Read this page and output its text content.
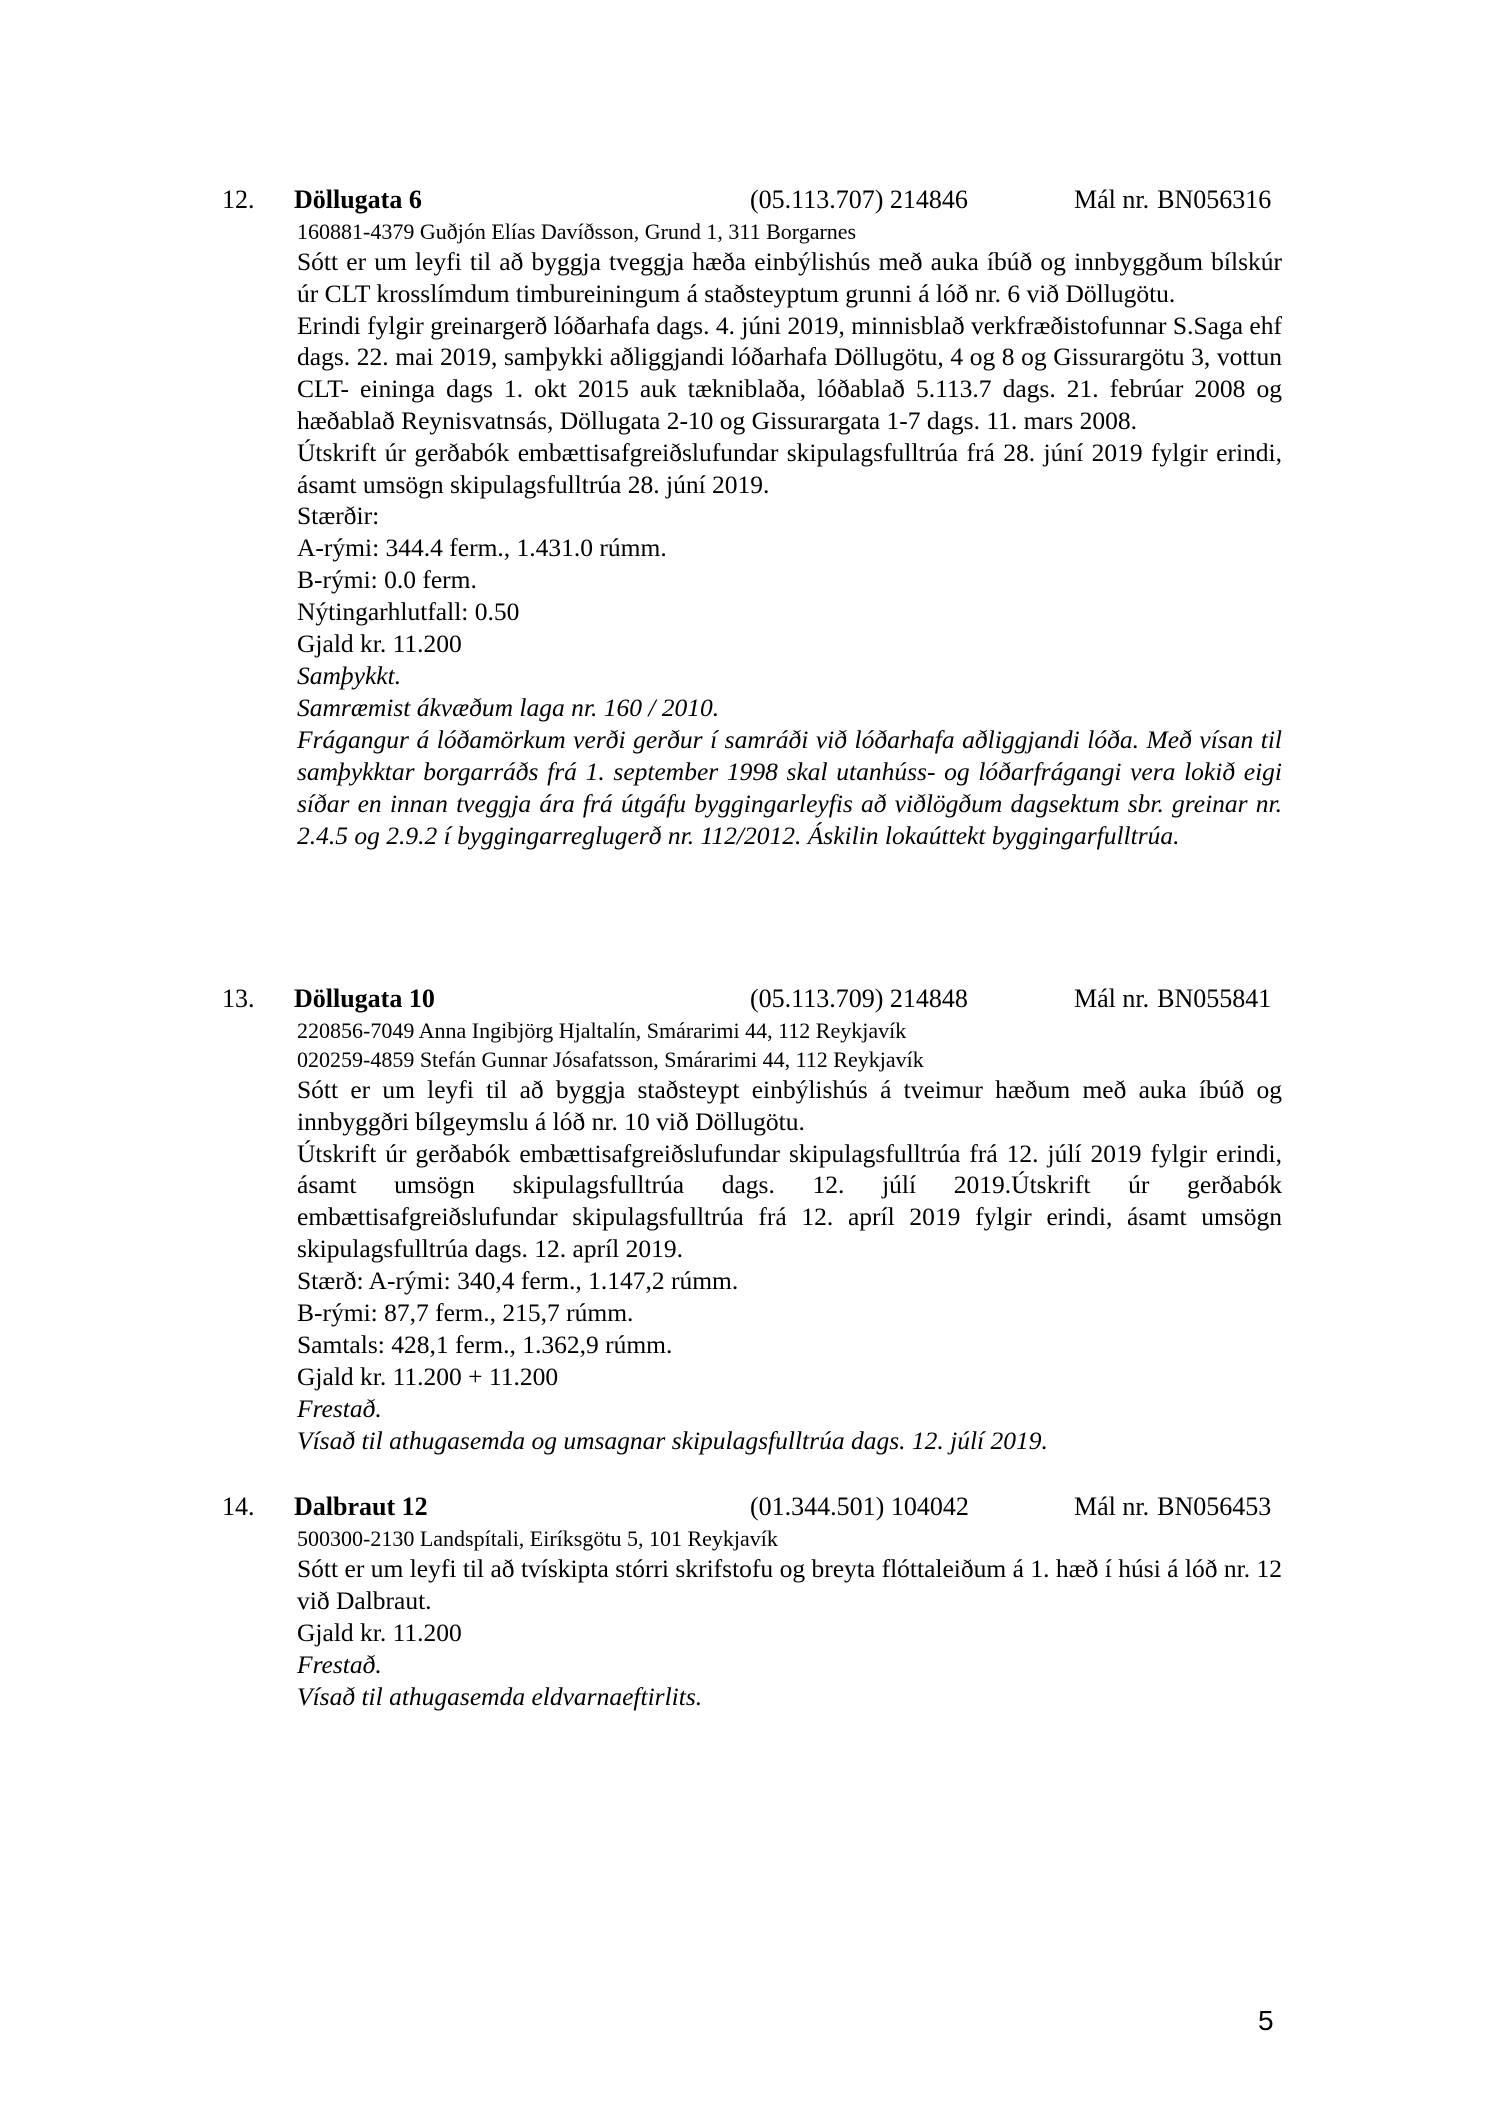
12. Döllugata 6	(05.113.707) 214846	Mál nr. BN056316
160881-4379 Guðjón Elías Davíðsson, Grund 1, 311 Borgarnes

Sótt er um leyfi til að byggja tveggja hæða einbýlishús með auka íbúð og innbyggðum bílskúr úr CLT krosslímdum timbureiningum á staðsteyptum grunni á lóð nr. 6 við Döllugötu.

Erindi fylgir greinargerð lóðarhafa dags. 4. júni 2019, minnisblað verkfræðistofunnar S.Saga ehf dags. 22. mai 2019, samþykki aðliggjandi lóðarhafa Döllugötu, 4 og 8 og Gissurargötu 3, vottun CLT- eininga dags 1. okt 2015 auk tækniblaða, lóðablað 5.113.7 dags. 21. febrúar 2008 og hæðablað Reynisvatnsás, Döllugata 2-10 og Gissurargata 1-7 dags. 11. mars 2008.

Útskrift úr gerðabók embættisafgreiðslufundar skipulagsfulltrúa frá 28. júní 2019 fylgir erindi, ásamt umsögn skipulagsfulltrúa 28. júní 2019.

Stærðir:
A-rými: 344.4 ferm., 1.431.0 rúmm.
B-rými: 0.0 ferm.
Nýtingarhlutfall: 0.50
Gjald kr. 11.200
Samþykkt.
Samræmist ákvæðum laga nr. 160 / 2010.

Frágangur á lóðamörkum verði gerður í samráði við lóðarhafa aðliggjandi lóða. Með vísan til samþykktar borgarráðs frá 1. september 1998 skal utanhúss- og lóðarfrágangi vera lokið eigi síðar en innan tveggja ára frá útgáfu byggingarleyfis að viðlögðum dagsektum sbr. greinar nr. 2.4.5 og 2.9.2 í byggingarreglugerð nr. 112/2012. Áskilin lokaúttekt byggingarfulltrúa.

13. Döllugata 10	(05.113.709) 214848	Mál nr. BN055841
220856-7049 Anna Ingibjörg Hjaltalín, Smárarimi 44, 112 Reykjavík
020259-4859 Stefán Gunnar Jósafatsson, Smárarimi 44, 112 Reykjavík

Sótt er um leyfi til að byggja staðsteypt einbýlishús á tveimur hæðum með auka íbúð og innbyggðri bílgeymslu á lóð nr. 10 við Döllugötu.

Útskrift úr gerðabók embættisafgreiðslufundar skipulagsfulltrúa frá 12. júlí 2019 fylgir erindi, ásamt umsögn skipulagsfulltrúa dags. 12. júlí 2019.Útskrift úr gerðabók embættisafgreiðslufundar skipulagsfulltrúa frá 12. apríl 2019 fylgir erindi, ásamt umsögn skipulagsfulltrúa dags. 12. apríl 2019.

Stærð: A-rými: 340,4 ferm., 1.147,2 rúmm.
B-rými: 87,7 ferm., 215,7 rúmm.
Samtals: 428,1 ferm., 1.362,9 rúmm.
Gjald kr. 11.200 + 11.200
Frestað.
Vísað til athugasemda og umsagnar skipulagsfulltrúa dags. 12. júlí 2019.
14. Dalbraut 12	(01.344.501) 104042	Mál nr. BN056453
500300-2130 Landspítali, Eiríksgötu 5, 101 Reykjavík

Sótt er um leyfi til að tvískipta stórri skrifstofu og breyta flóttaleiðum á 1. hæð í húsi á lóð nr. 12 við Dalbraut.

Gjald kr. 11.200
Frestað.
Vísað til athugasemda eldvarnaeftirlits.
5
